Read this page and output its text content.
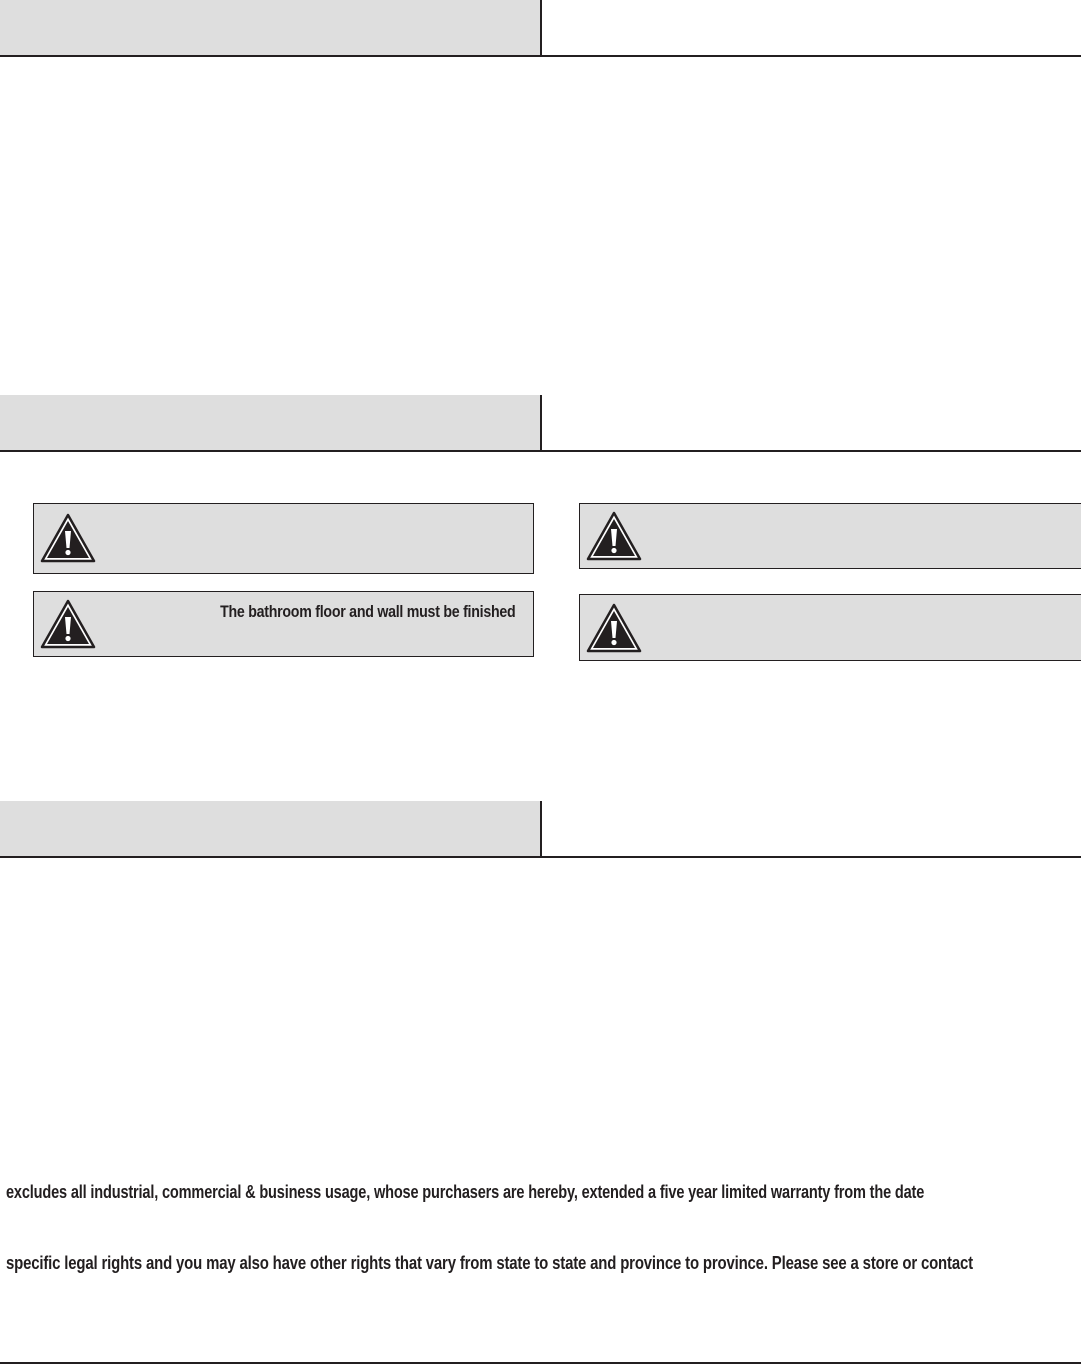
The bathroom floor and wall must be finished
excludes all industrial, commercial & business usage, whose purchasers are hereby, extended a five year limited warranty from the date
specific legal rights and you may also have other rights that vary from state to state and province to province. Please see a store or contact
